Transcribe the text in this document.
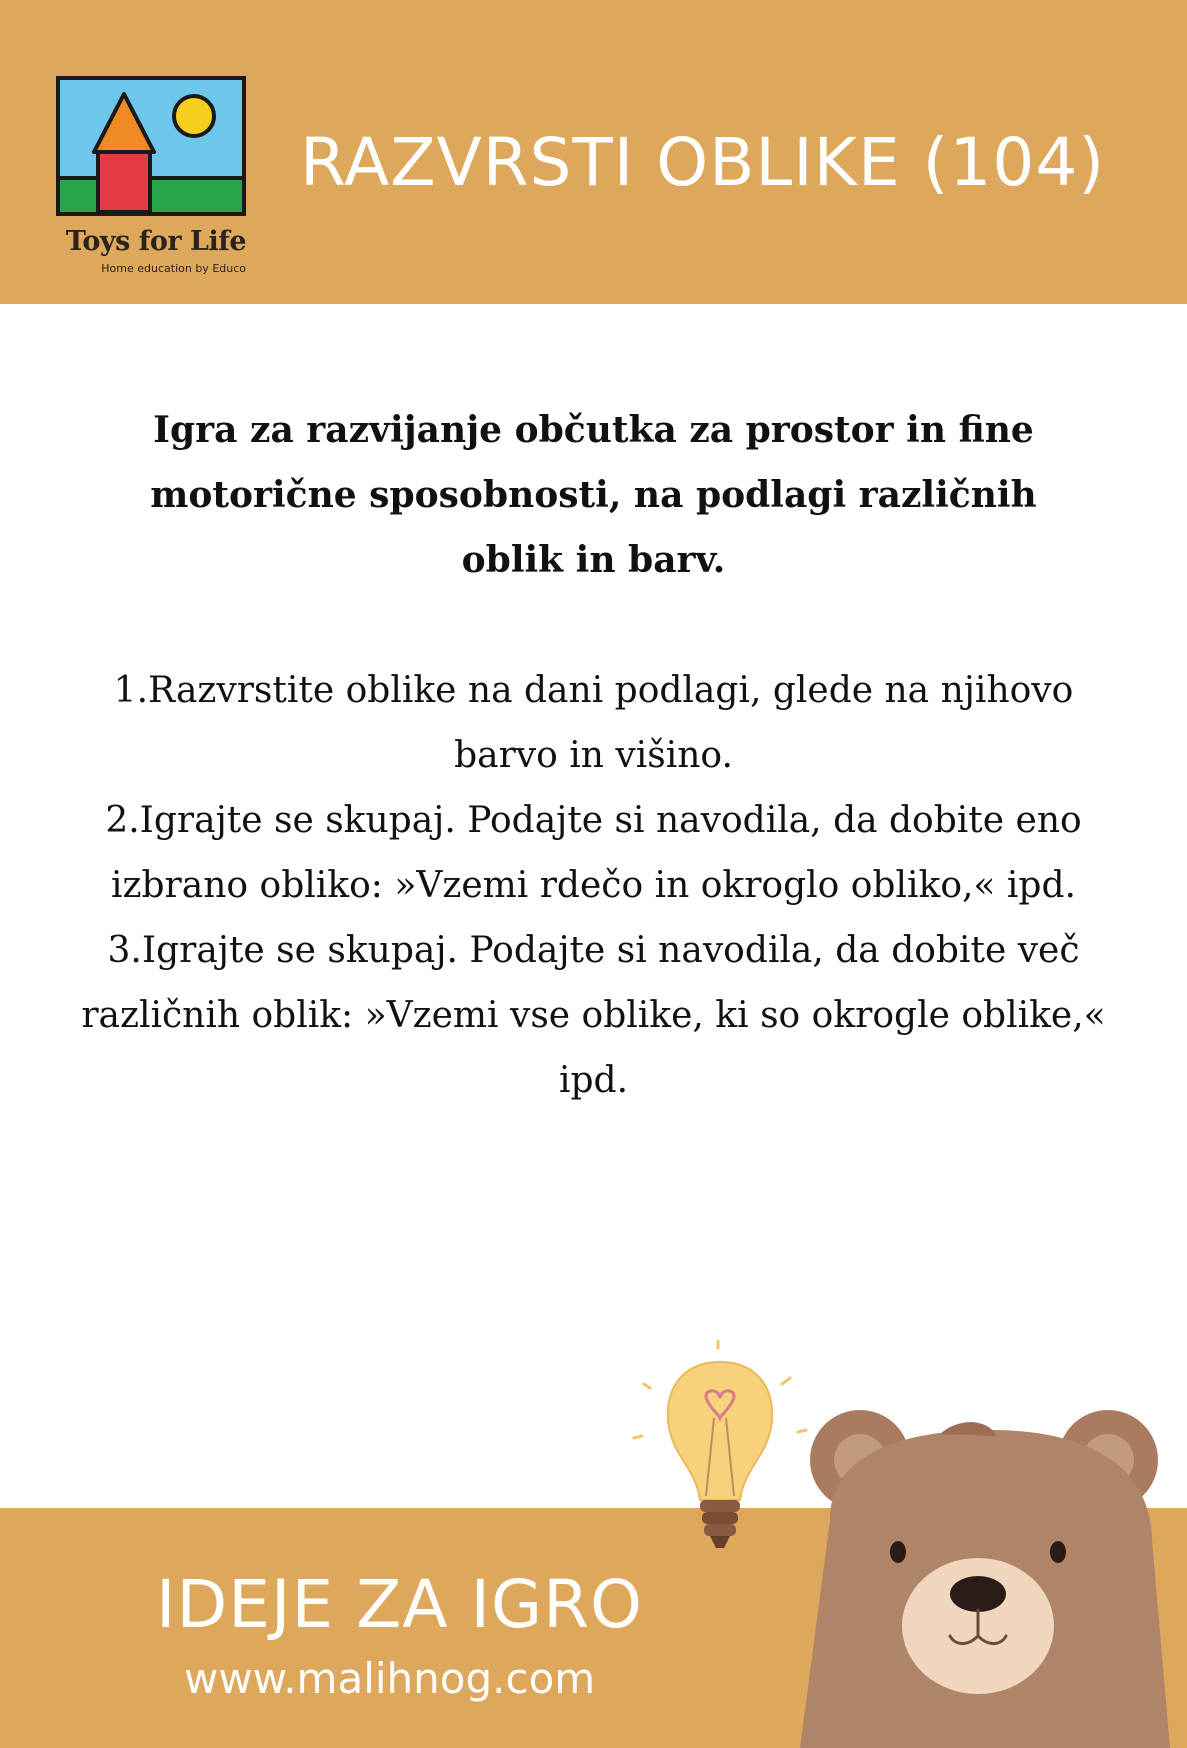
Toys for Life
Home education by Educo
RAZVRSTI OBLIKE (104)
Igra za razvijanje občutka za prostor in fine motorične sposobnosti, na podlagi različnih oblik in barv.

1.Razvrstite oblike na dani podlagi, glede na njihovo barvo in višino.

2.Igrajte se skupaj. Podajte si navodila, da dobite eno izbrano obliko: »Vzemi rdečo in okroglo obliko,« ipd.

3.Igrajte se skupaj. Podajte si navodila, da dobite več različnih oblik: »Vzemi vse oblike, ki so okrogle oblike,« ipd.

IDEJE ZA IGRO
www.malihnog.com
